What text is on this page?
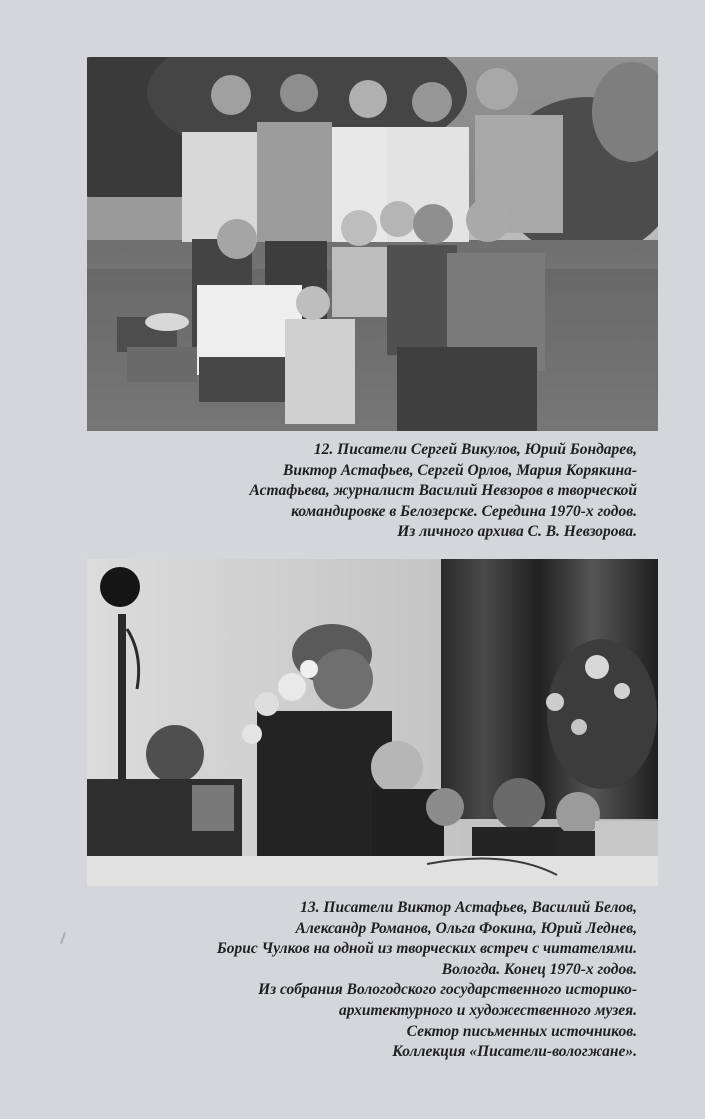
12. Писатели Сергей Викулов, Юрий Бондарев,
Виктор Астафьев, Сергей Орлов, Мария Корякина-
Астафьева, журналист Василий Невзоров в творческой
командировке в Белозерске. Середина 1970-х годов.
Из личного архива С. В. Невзорова.
13. Писатели Виктор Астафьев, Василий Белов,
Александр Романов, Ольга Фокина, Юрий Леднев,
Борис Чулков на одной из творческих встреч с читателями.
Вологда. Конец 1970-х годов.
Из собрания Вологодского государственного историко-
архитектурного и художественного музея.
Сектор письменных источников.
Коллекция «Писатели-вологжане».
